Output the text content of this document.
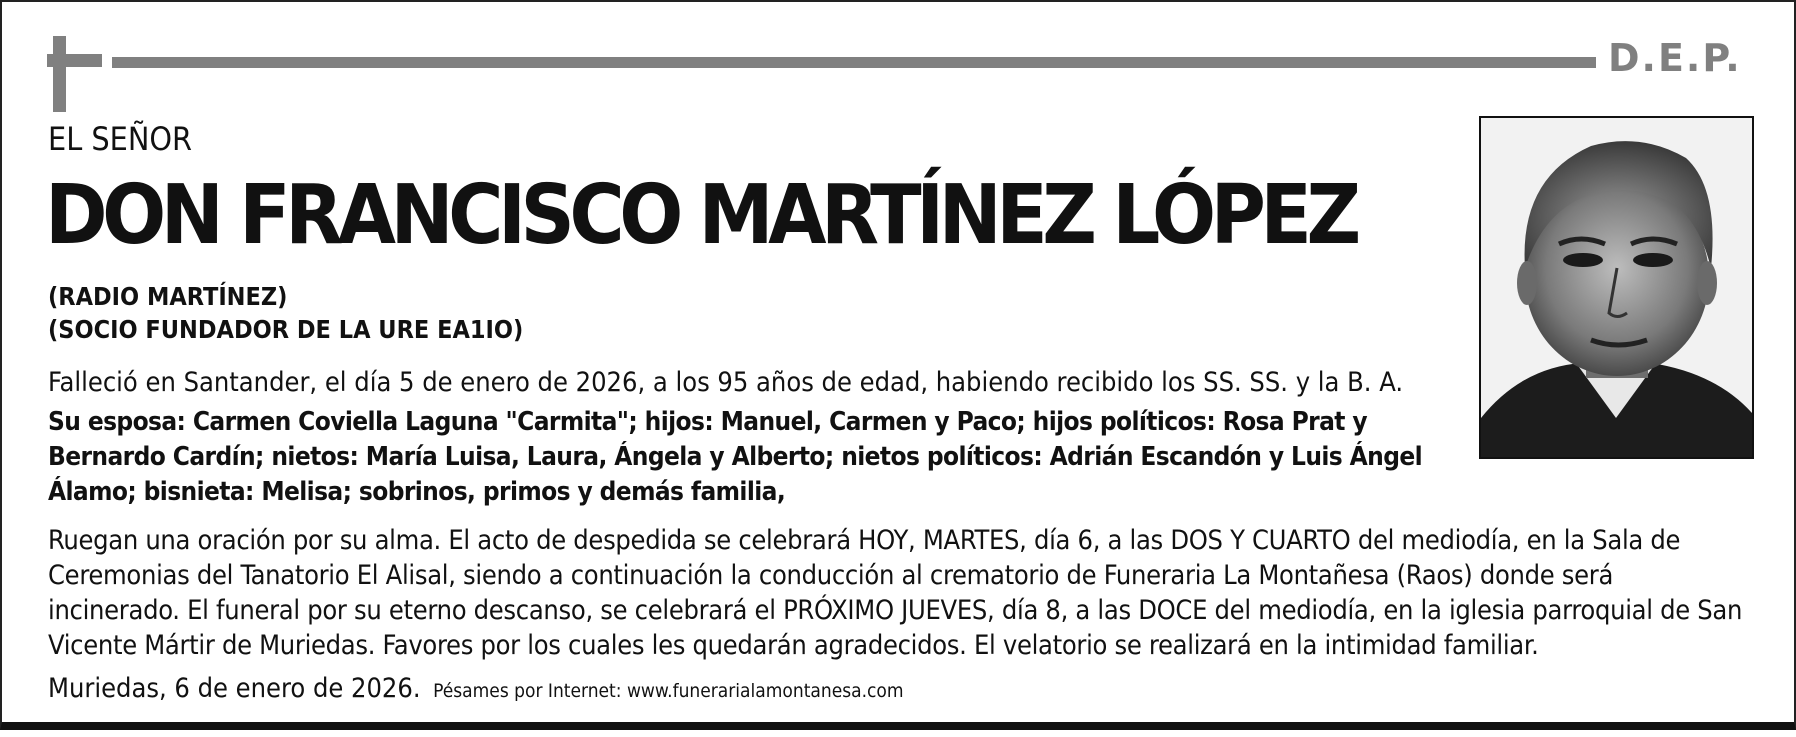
D.E.P.
EL SEÑOR
DON FRANCISCO MARTÍNEZ LÓPEZ
(RADIO MARTÍNEZ)
(SOCIO FUNDADOR DE LA URE EA1IO)
Falleció en Santander, el día 5 de enero de 2026, a los 95 años de edad, habiendo recibido los SS. SS. y la B. A.
Su esposa: Carmen Coviella Laguna "Carmita"; hijos: Manuel, Carmen y Paco; hijos políticos: Rosa Prat y Bernardo Cardín; nietos: María Luisa, Laura, Ángela y Alberto; nietos políticos: Adrián Escandón y Luis Ángel Álamo; bisnieta: Melisa; sobrinos, primos y demás familia,
Ruegan una oración por su alma. El acto de despedida se celebrará HOY, MARTES, día 6, a las DOS Y CUARTO del mediodía, en la Sala de Ceremonias del Tanatorio El Alisal, siendo a continuación la conducción al crematorio de Funeraria La Montañesa (Raos) donde será incinerado. El funeral por su eterno descanso, se celebrará el PRÓXIMO JUEVES, día 8, a las DOCE del mediodía, en la iglesia parroquial de San Vicente Mártir de Muriedas. Favores por los cuales les quedarán agradecidos. El velatorio se realizará en la intimidad familiar.
Muriedas, 6 de enero de 2026. Pésames por Internet: www.funerarialamontanesa.com
